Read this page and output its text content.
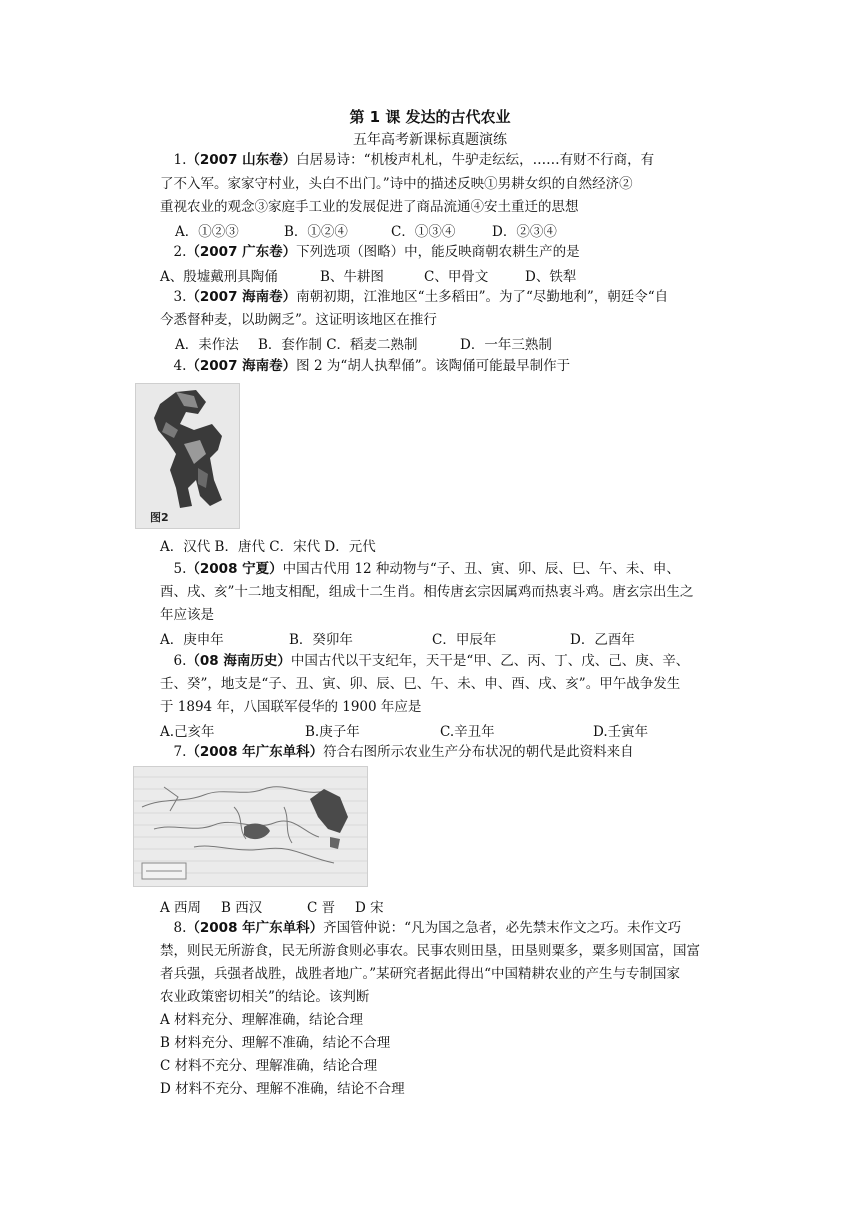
第 1 课 发达的古代农业
五年高考新课标真题演练
 1.（2007 山东卷）白居易诗：“机梭声札札，牛驴走纭纭，……有财不行商，有
了不入军。家家守村业，头白不出门。”诗中的描述反映①男耕女织的自然经济②
重视农业的观念③家庭手工业的发展促进了商品流通④安土重迁的思想
A．①②③	B．①②④	C．①③④	D．②③④
 2.（2007 广东卷）下列选项（图略）中，能反映商朝农耕生产的是
A、殷墟戴刑具陶俑	B、牛耕图	C、甲骨文	D、铁犁
 3.（2007 海南卷）南朝初期，江淮地区“土多稻田”。为了“尽勤地利”，朝廷令“自
今悉督种麦，以助阙乏”。这证明该地区在推行
A．耒作法 B．套作制 C．稻麦二熟制	D．一年三熟制
 4.（2007 海南卷）图 2 为“胡人执犁俑”。该陶俑可能最早制作于
图2
A．汉代 B．唐代 C．宋代 D．元代
 5.（2008 宁夏）中国古代用 12 种动物与“子、丑、寅、卯、辰、巳、午、未、申、
酉、戌、亥”十二地支相配，组成十二生肖。相传唐玄宗因属鸡而热衷斗鸡。唐玄宗出生之
年应该是
A．庚申年	B．癸卯年	C．甲辰年	D．乙酉年
 6.（08 海南历史）中国古代以干支纪年，天干是“甲、乙、丙、丁、戊、己、庚、辛、
壬、癸”，地支是“子、丑、寅、卯、辰、巳、午、未、申、酉、戌、亥”。甲午战争发生
于 1894 年，八国联军侵华的 1900 年应是
A.己亥年	B.庚子年	C.辛丑年	D.壬寅年
 7.（2008 年广东单科）符合右图所示农业生产分布状况的朝代是此资料来自
A 西周 B 西汉	C 晋 D 宋
 8.（2008 年广东单科）齐国管仲说：“凡为国之急者，必先禁末作文之巧。未作文巧
禁，则民无所游食，民无所游食则必事农。民事农则田垦，田垦则粟多，粟多则国富，国富
者兵强，兵强者战胜，战胜者地广。”某研究者据此得出“中国精耕农业的产生与专制国家
农业政策密切相关”的结论。该判断
A 材料充分、理解准确，结论合理
B 材料充分、理解不准确，结论不合理
C 材料不充分、理解准确，结论合理
D 材料不充分、理解不准确，结论不合理
